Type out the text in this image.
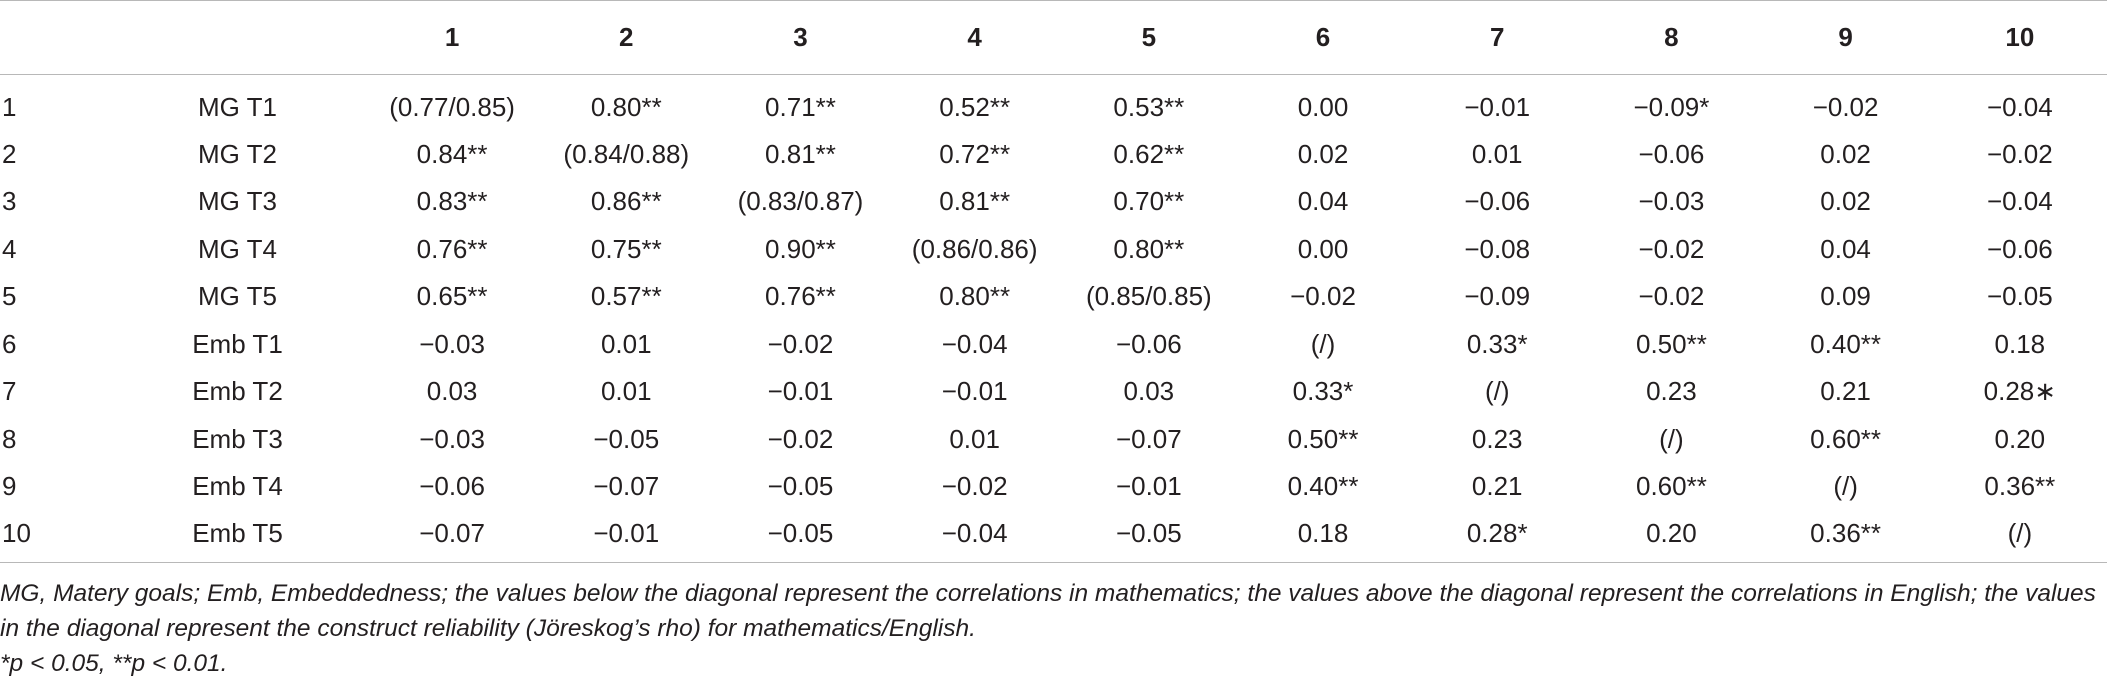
		1	2	3	4	5	6	7	8	9	10
1	MG T1	(0.77/0.85)	0.80**	0.71**	0.52**	0.53**	0.00	−0.01	−0.09*	−0.02	−0.04
2	MG T2	0.84**	(0.84/0.88)	0.81**	0.72**	0.62**	0.02	0.01	−0.06	0.02	−0.02
3	MG T3	0.83**	0.86**	(0.83/0.87)	0.81**	0.70**	0.04	−0.06	−0.03	0.02	−0.04
4	MG T4	0.76**	0.75**	0.90**	(0.86/0.86)	0.80**	0.00	−0.08	−0.02	0.04	−0.06
5	MG T5	0.65**	0.57**	0.76**	0.80**	(0.85/0.85)	−0.02	−0.09	−0.02	0.09	−0.05
6	Emb T1	−0.03	0.01	−0.02	−0.04	−0.06	(/)	0.33*	0.50**	0.40**	0.18
7	Emb T2	0.03	0.01	−0.01	−0.01	0.03	0.33*	(/)	0.23	0.21	0.28∗
8	Emb T3	−0.03	−0.05	−0.02	0.01	−0.07	0.50**	0.23	(/)	0.60**	0.20
9	Emb T4	−0.06	−0.07	−0.05	−0.02	−0.01	0.40**	0.21	0.60**	(/)	0.36**
10	Emb T5	−0.07	−0.01	−0.05	−0.04	−0.05	0.18	0.28*	0.20	0.36**	(/)

MG, Matery goals; Emb, Embeddedness; the values below the diagonal represent the correlations in mathematics; the values above the diagonal represent the correlations in English; the values in the diagonal represent the construct reliability (Jöreskog’s rho) for mathematics/English.

*p < 0.05, **p < 0.01.
